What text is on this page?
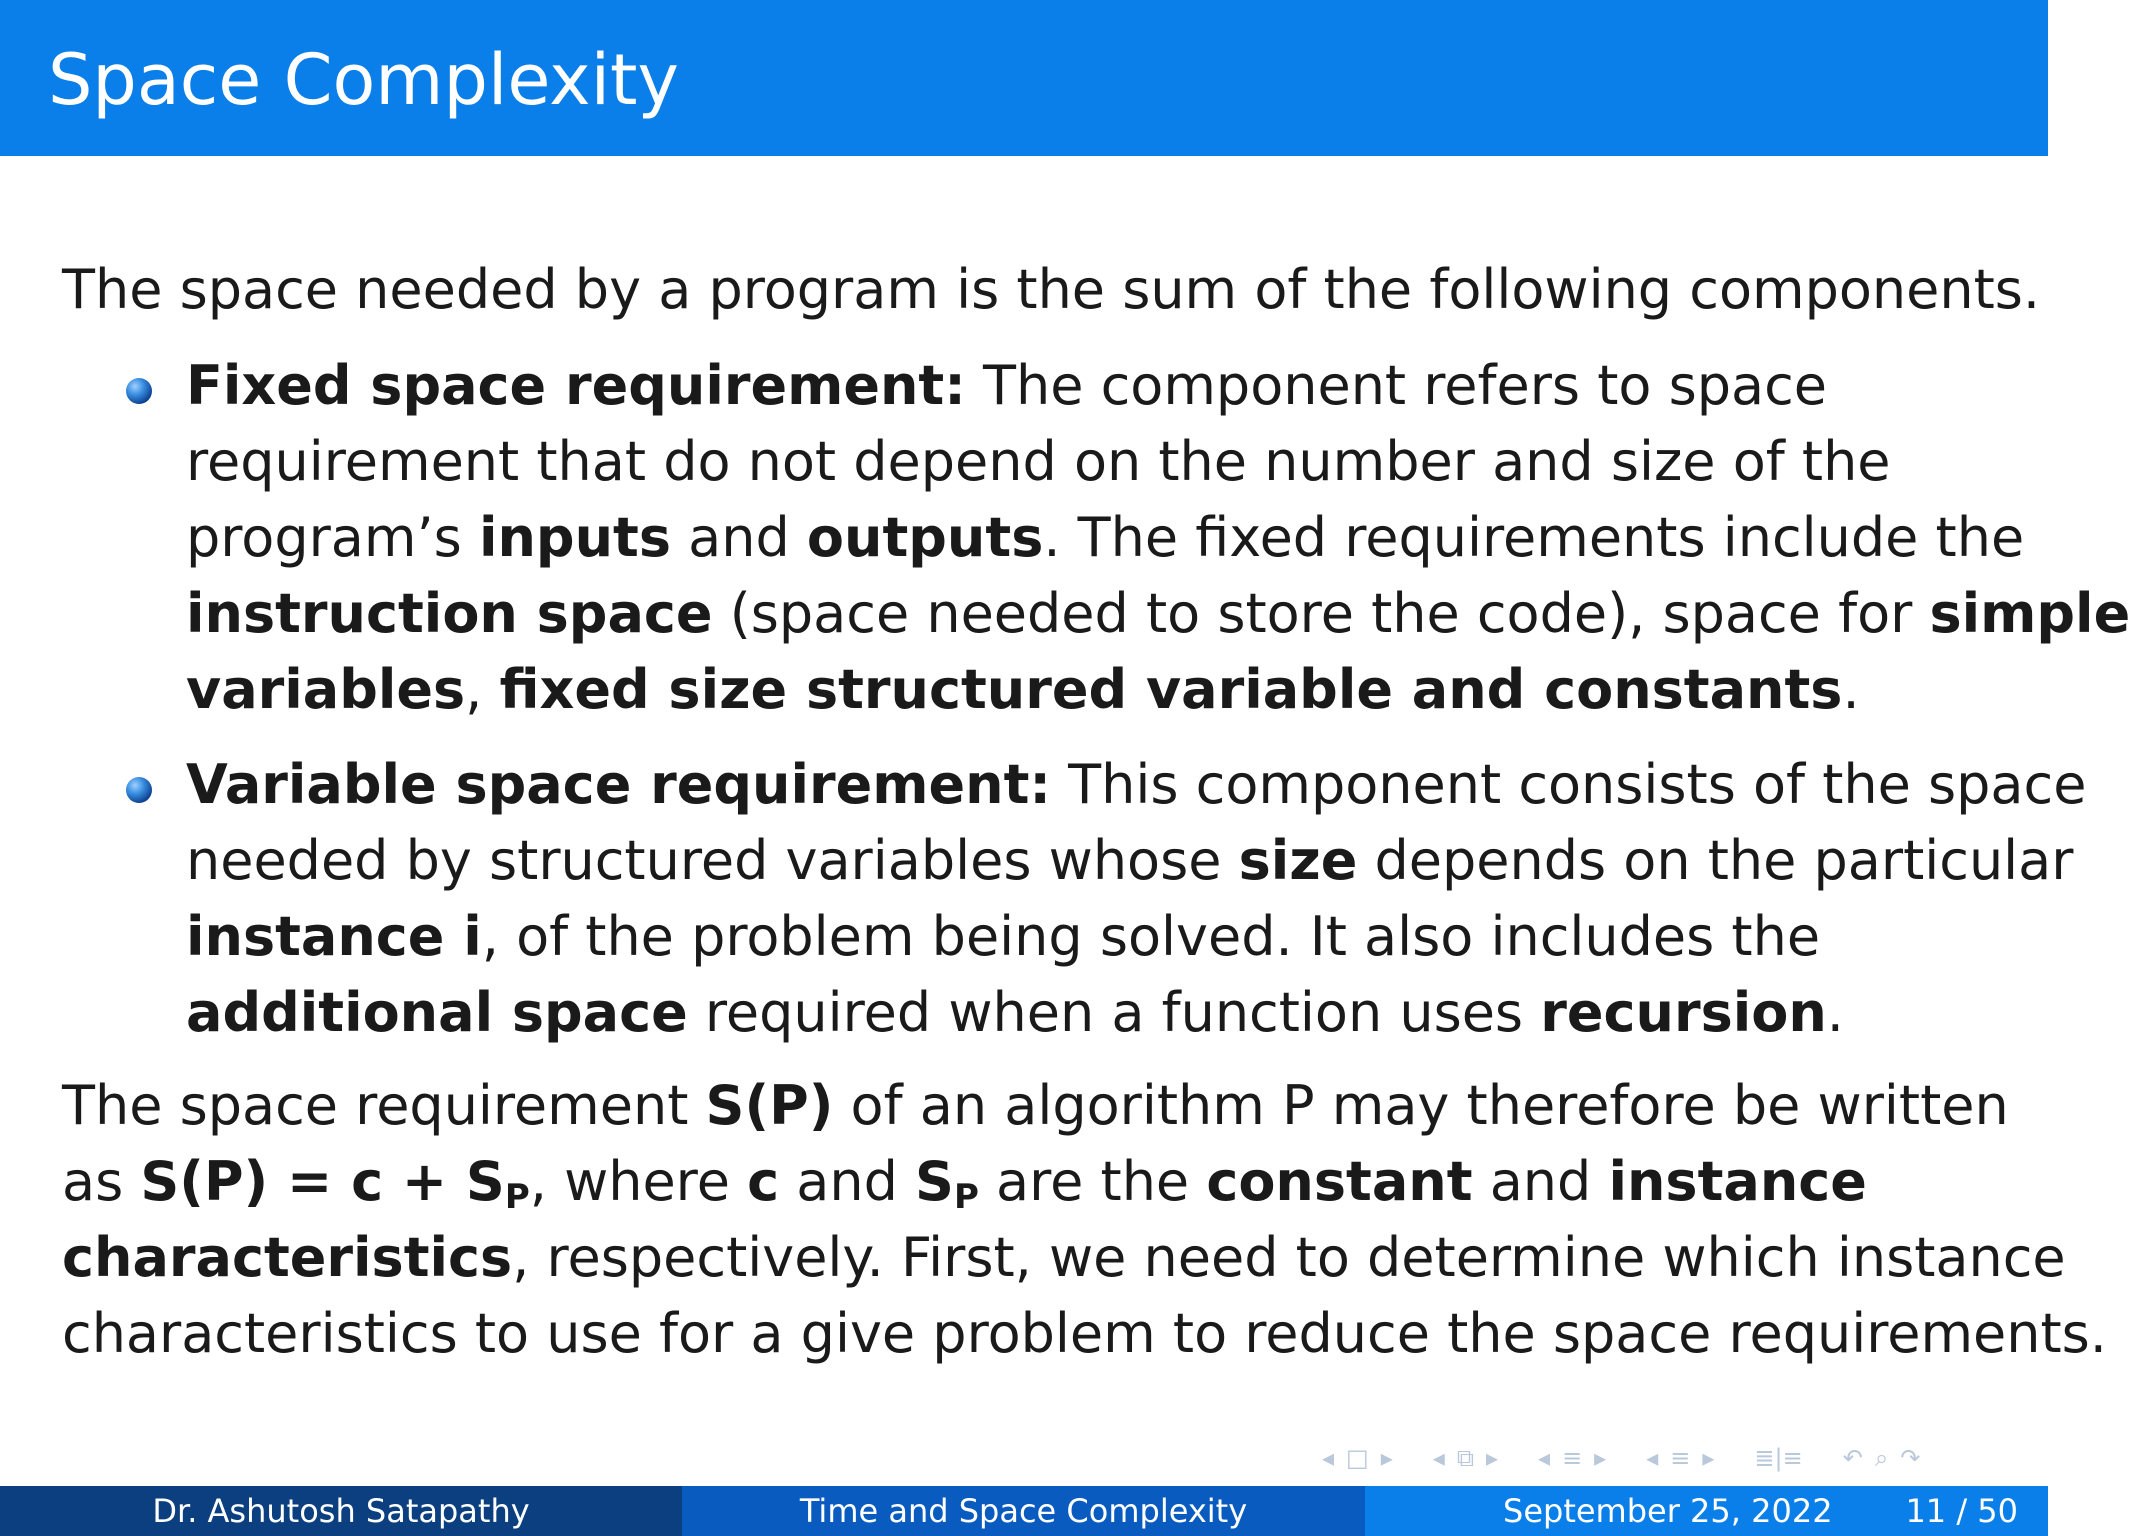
Space Complexity
The space needed by a program is the sum of the following components.
Fixed space requirement: The component refers to space
requirement that do not depend on the number and size of the
program’s inputs and outputs. The fixed requirements include the
instruction space (space needed to store the code), space for simple
variables, fixed size structured variable and constants.
Variable space requirement: This component consists of the space
needed by structured variables whose size depends on the particular
instance i, of the problem being solved. It also includes the
additional space required when a function uses recursion.
The space requirement S(P) of an algorithm P may therefore be written
as $S(P) = c + S_P$, where c and $S_P$ are the constant and instance
characteristics, respectively. First, we need to determine which instance
characteristics to use for a give problem to reduce the space requirements.
◂ □ ▸ ◂ ⧉ ▸ ◂ ≡ ▸ ◂ ≡ ▸ ≣|≡ ↶ ⌕ ↷
Dr. Ashutosh Satapathy	Time and Space Complexity	September 25, 2022 11 / 50
